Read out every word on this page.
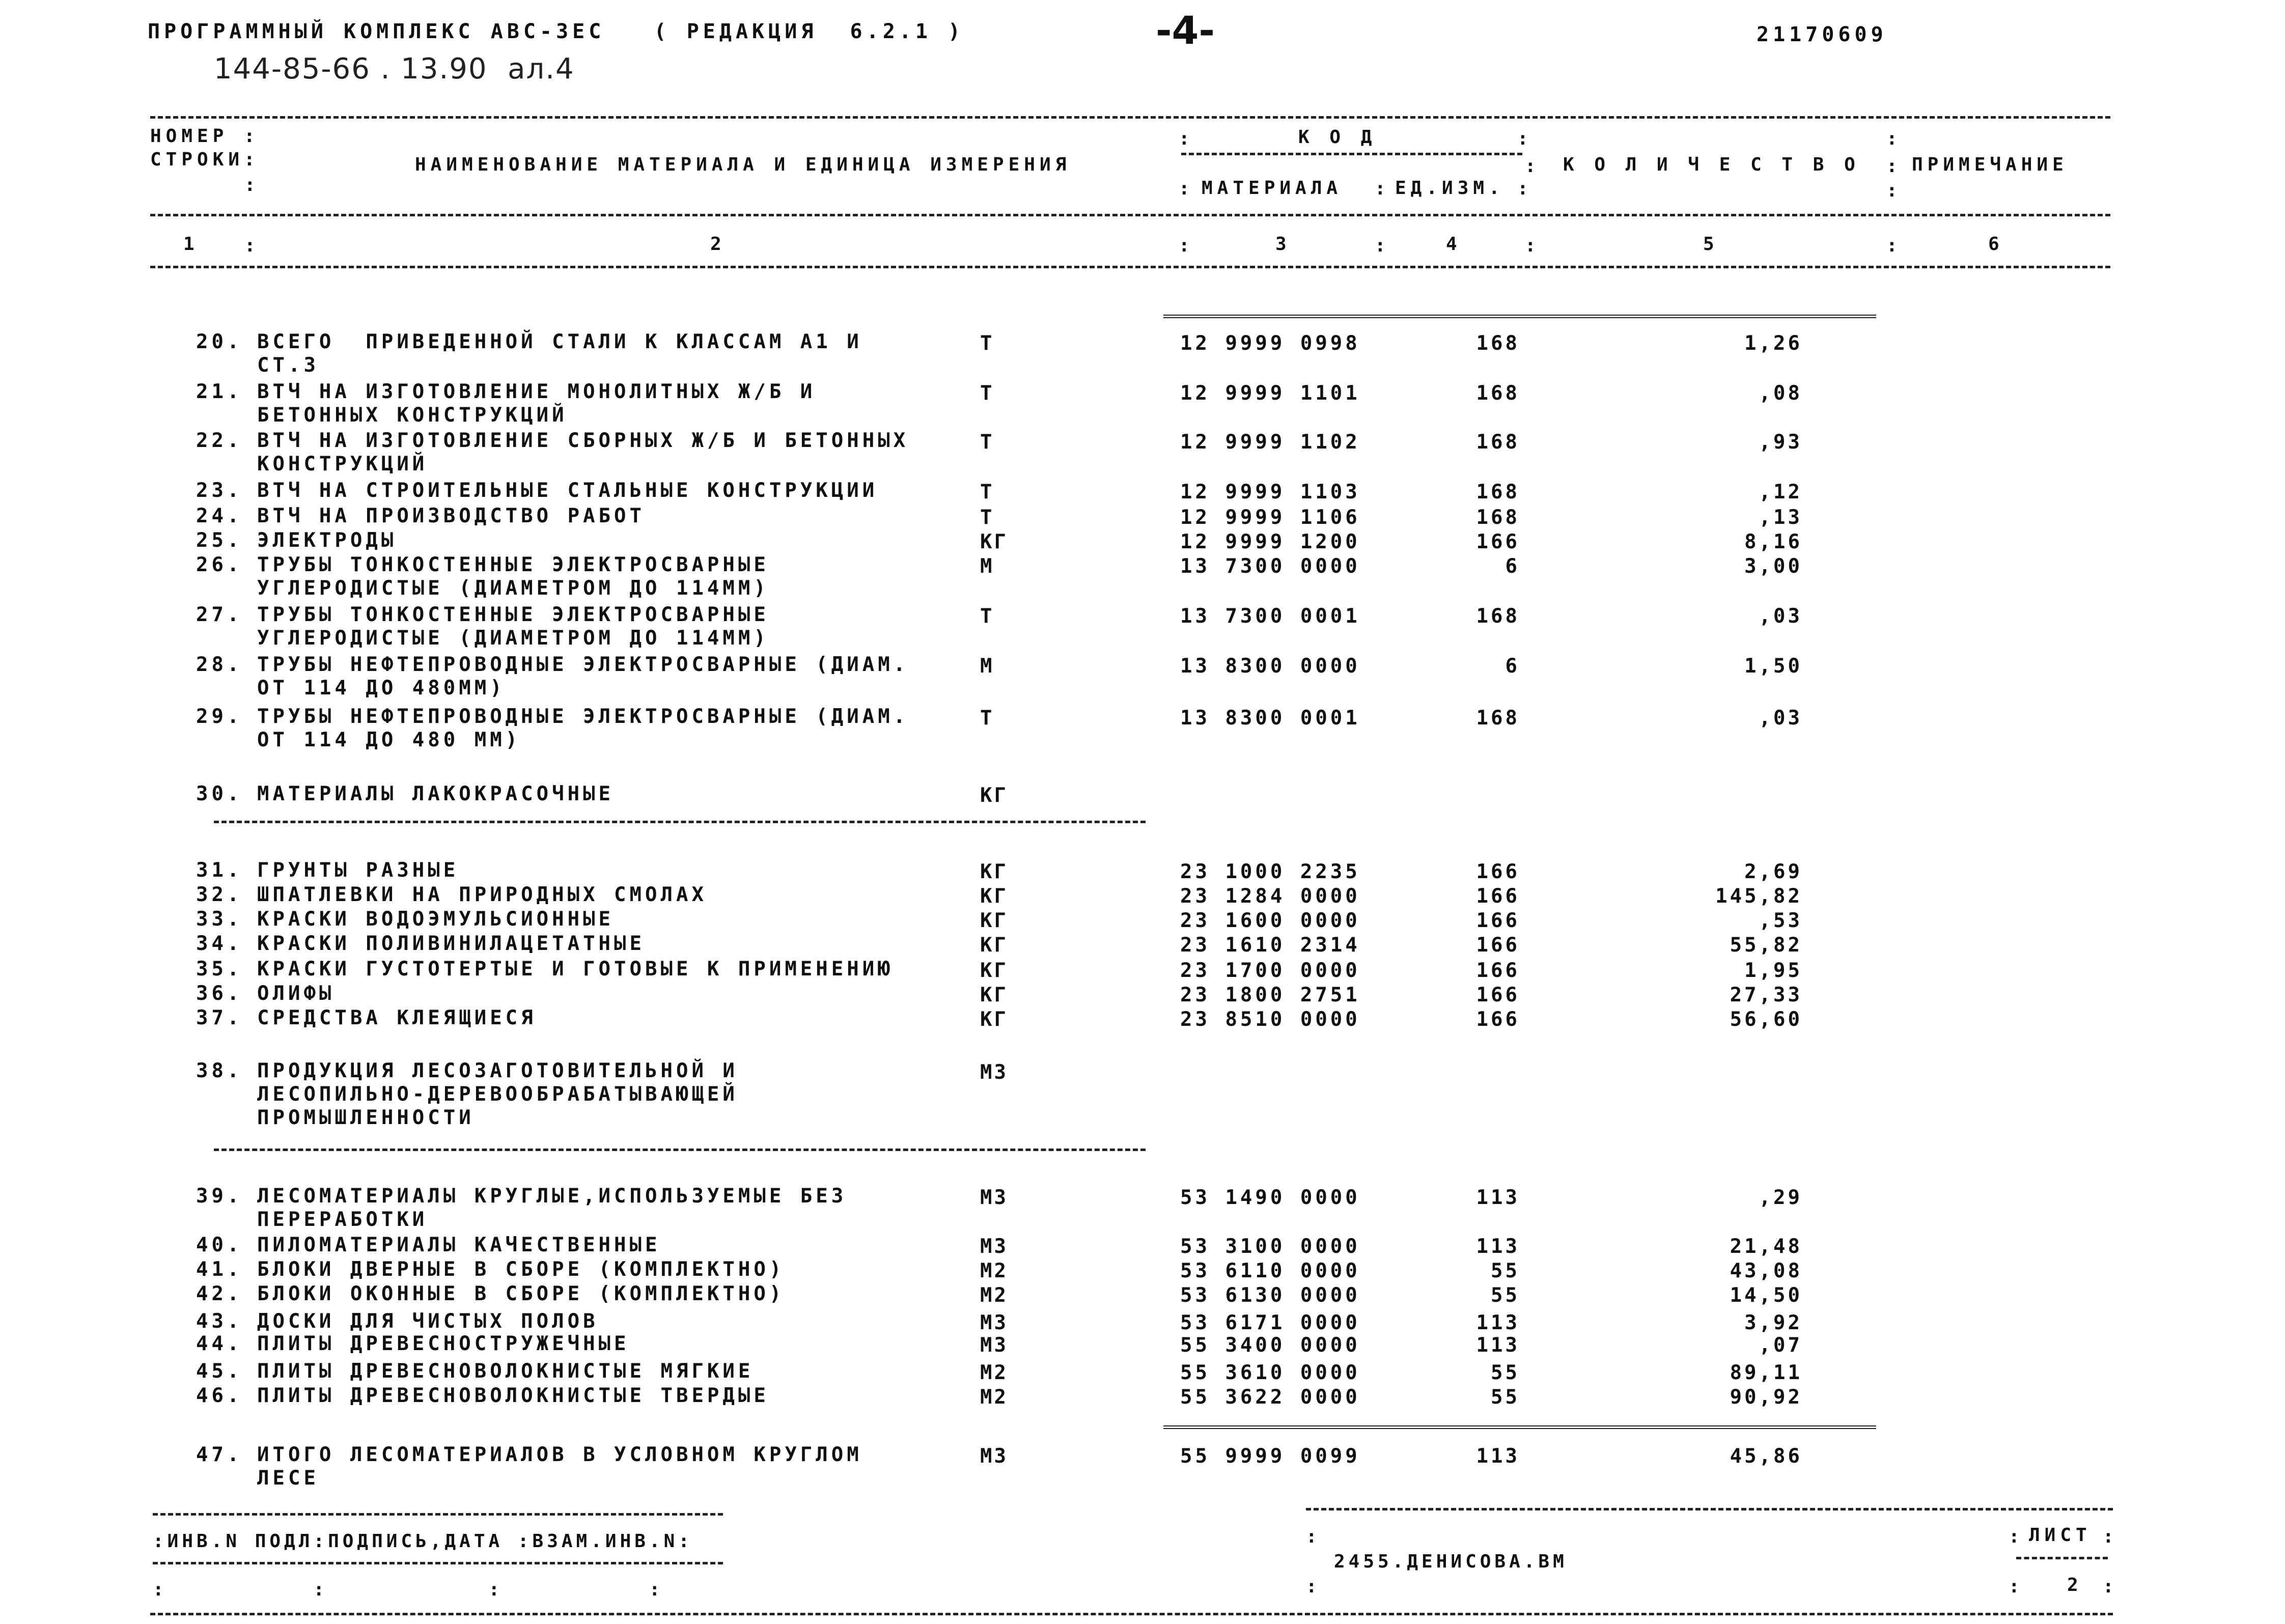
ПРОГРАММНЫЙ КОМПЛЕКС АВС-3ЕС   ( РЕДАКЦИЯ  6.2.1 )	-4-	21170609
144-85-66 . 13.90  ал.4
НОМЕР :
СТРОКИ:
:
НАИМЕНОВАНИЕ МАТЕРИАЛА И ЕДИНИЦА ИЗМЕРЕНИЯ
:	К О Д	:
: МАТЕРИАЛА : ЕД.ИЗМ. :
: К О Л И Ч Е С Т В О
:
:
:
ПРИМЕЧАНИЕ
1 :	2	:	3	:	4	:	5	:	6
20. ВСЕГО  ПРИВЕДЕННОЙ СТАЛИ К КЛАССАМ А1 И
СТ.3
Т	12 9999 0998	168	1,26
21. ВТЧ НА ИЗГОТОВЛЕНИЕ МОНОЛИТНЫХ Ж/Б И
БЕТОННЫХ КОНСТРУКЦИЙ
Т	12 9999 1101	168	,08
22. ВТЧ НА ИЗГОТОВЛЕНИЕ СБОРНЫХ Ж/Б И БЕТОННЫХ
КОНСТРУКЦИЙ
Т	12 9999 1102	168	,93
23. ВТЧ НА СТРОИТЕЛЬНЫЕ СТАЛЬНЫЕ КОНСТРУКЦИИ	Т	12 9999 1103	168	,12
24. ВТЧ НА ПРОИЗВОДСТВО РАБОТ	Т	12 9999 1106	168	,13
25. ЭЛЕКТРОДЫ	КГ	12 9999 1200	166	8,16
26. ТРУБЫ ТОНКОСТЕННЫЕ ЭЛЕКТРОСВАРНЫЕ
УГЛЕРОДИСТЫЕ (ДИАМЕТРОМ ДО 114ММ)
М	13 7300 0000	6	3,00
27. ТРУБЫ ТОНКОСТЕННЫЕ ЭЛЕКТРОСВАРНЫЕ
УГЛЕРОДИСТЫЕ (ДИАМЕТРОМ ДО 114ММ)
Т	13 7300 0001	168	,03
28. ТРУБЫ НЕФТЕПРОВОДНЫЕ ЭЛЕКТРОСВАРНЫЕ (ДИАМ.
ОТ 114 ДО 480ММ)
М	13 8300 0000	6	1,50
29. ТРУБЫ НЕФТЕПРОВОДНЫЕ ЭЛЕКТРОСВАРНЫЕ (ДИАМ.
ОТ 114 ДО 480 ММ)
Т	13 8300 0001	168	,03
30. МАТЕРИАЛЫ ЛАКОКРАСОЧНЫЕ	КГ
31. ГРУНТЫ РАЗНЫЕ	КГ	23 1000 2235	166	2,69
32. ШПАТЛЕВКИ НА ПРИРОДНЫХ СМОЛАХ	КГ	23 1284 0000	166	145,82
33. КРАСКИ ВОДОЭМУЛЬСИОННЫЕ	КГ	23 1600 0000	166	,53
34. КРАСКИ ПОЛИВИНИЛАЦЕТАТНЫЕ	КГ	23 1610 2314	166	55,82
35. КРАСКИ ГУСТОТЕРТЫЕ И ГОТОВЫЕ К ПРИМЕНЕНИЮ	КГ	23 1700 0000	166	1,95
36. ОЛИФЫ	КГ	23 1800 2751	166	27,33
37. СРЕДСТВА КЛЕЯЩИЕСЯ	КГ	23 8510 0000	166	56,60
38. ПРОДУКЦИЯ ЛЕСОЗАГОТОВИТЕЛЬНОЙ И
ЛЕСОПИЛЬНО-ДЕРЕВООБРАБАТЫВАЮЩЕЙ
ПРОМЫШЛЕННОСТИ
М3
39. ЛЕСОМАТЕРИАЛЫ КРУГЛЫЕ,ИСПОЛЬЗУЕМЫЕ БЕЗ
ПЕРЕРАБОТКИ
М3	53 1490 0000	113	,29
40. ПИЛОМАТЕРИАЛЫ КАЧЕСТВЕННЫЕ	М3	53 3100 0000	113	21,48
41. БЛОКИ ДВЕРНЫЕ В СБОРЕ (КОМПЛЕКТНО)	М2	53 6110 0000	55	43,08
42. БЛОКИ ОКОННЫЕ В СБОРЕ (КОМПЛЕКТНО)	М2	53 6130 0000	55	14,50
43. ДОСКИ ДЛЯ ЧИСТЫХ ПОЛОВ	М3	53 6171 0000	113	3,92
44. ПЛИТЫ ДРЕВЕСНОСТРУЖЕЧНЫЕ	М3	55 3400 0000	113	,07
45. ПЛИТЫ ДРЕВЕСНОВОЛОКНИСТЫЕ МЯГКИЕ	М2	55 3610 0000	55	89,11
46. ПЛИТЫ ДРЕВЕСНОВОЛОКНИСТЫЕ ТВЕРДЫЕ	М2	55 3622 0000	55	90,92
47. ИТОГО ЛЕСОМАТЕРИАЛОВ В УСЛОВНОМ КРУГЛОМ
ЛЕСЕ
М3	55 9999 0099	113	45,86
:ИНВ.N ПОДЛ:ПОДПИСЬ,ДАТА :ВЗАМ.ИНВ.N:
:          :           :          :
:
2455.ДЕНИСОВА.ВМ
:
: ЛИСТ :
:	2 :
